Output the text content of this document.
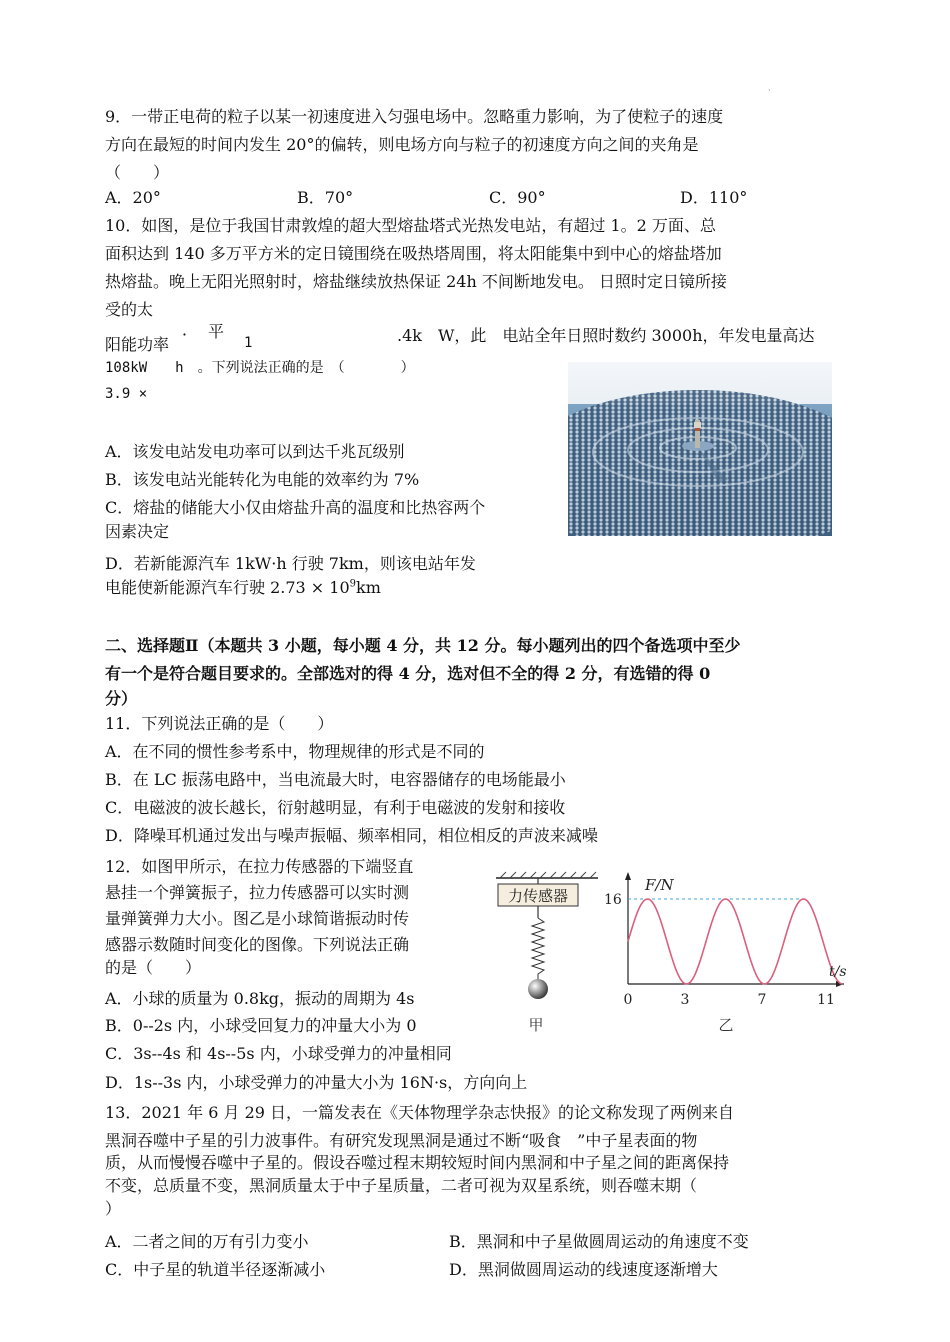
·
9．一带正电荷的粒子以某一初速度进入匀强电场中。忽略重力影响，为了使粒子的速度
方向在最短的时间内发生 20°的偏转，则电场方向与粒子的初速度方向之间的夹角是
（　　）
A．20°	B．70°	C．90°	D．110°
10．如图，是位于我国甘肃敦煌的超大型熔盐塔式光热发电站，有超过 1。2 万面、总
面积达到 140 多万平方米的定日镜围绕在吸热塔周围，将太阳能集中到中心的熔盐塔加
热熔盐。晚上无阳光照射时，熔盐继续放热保证 24h 不间断地发电。 日照时定日镜所接
受的太
． 平
阳能功率	1	.4k　W，此　电站全年日照时数约 3000h，年发电量高达
108kW　　h　。下列说法正确的是　（　　　　）
3.9 ×
A．该发电站发电功率可以到达千兆瓦级别
B．该发电站光能转化为电能的效率约为 7%
C．熔盐的储能大小仅由熔盐升高的温度和比热容两个
因素决定
D．若新能源汽车 1kW·h 行驶 7km，则该电站年发
电能使新能源汽车行驶 $2.73 \times 10^9km$
二、选择题Ⅱ（本题共 3 小题，每小题 4 分，共 12 分。每小题列出的四个备选项中至少
有一个是符合题目要求的。全部选对的得 4 分，选对但不全的得 2 分，有选错的得 0
分）
11．下列说法正确的是（　　）
A．在不同的惯性参考系中，物理规律的形式是不同的
B．在 LC 振荡电路中，当电流最大时，电容器储存的电场能最小
C．电磁波的波长越长，衍射越明显，有利于电磁波的发射和接收
D．降噪耳机通过发出与噪声振幅、频率相同，相位相反的声波来减噪
12．如图甲所示，在拉力传感器的下端竖直
悬挂一个弹簧振子，拉力传感器可以实时测
量弹簧弹力大小。图乙是小球简谐振动时传
感器示数随时间变化的图像。下列说法正确
的是（　　）
A．小球的质量为 0.8kg，振动的周期为 4s
B．0--2s 内，小球受回复力的冲量大小为 0
C．3s--4s 和 4s--5s 内，小球受弹力的冲量相同
D．1s--3s 内，小球受弹力的冲量大小为 16N·s，方向向上
力传感器
甲
F/N
t/s
16
0	3	7	11
乙
13．2021 年 6 月 29 日，一篇发表在《天体物理学杂志快报》的论文称发现了两例来自
黑洞吞噬中子星的引力波事件。有研究发现黑洞是通过不断“吸食　”中子星表面的物
质，从而慢慢吞噬中子星的。假设吞噬过程末期较短时间内黑洞和中子星之间的距离保持
不变，总质量不变，黑洞质量太于中子星质量，二者可视为双星系统，则吞噬末期（
）
A．二者之间的万有引力变小	B．黑洞和中子星做圆周运动的角速度不变
C．中子星的轨道半径逐渐减小	D．黑洞做圆周运动的线速度逐渐增大
